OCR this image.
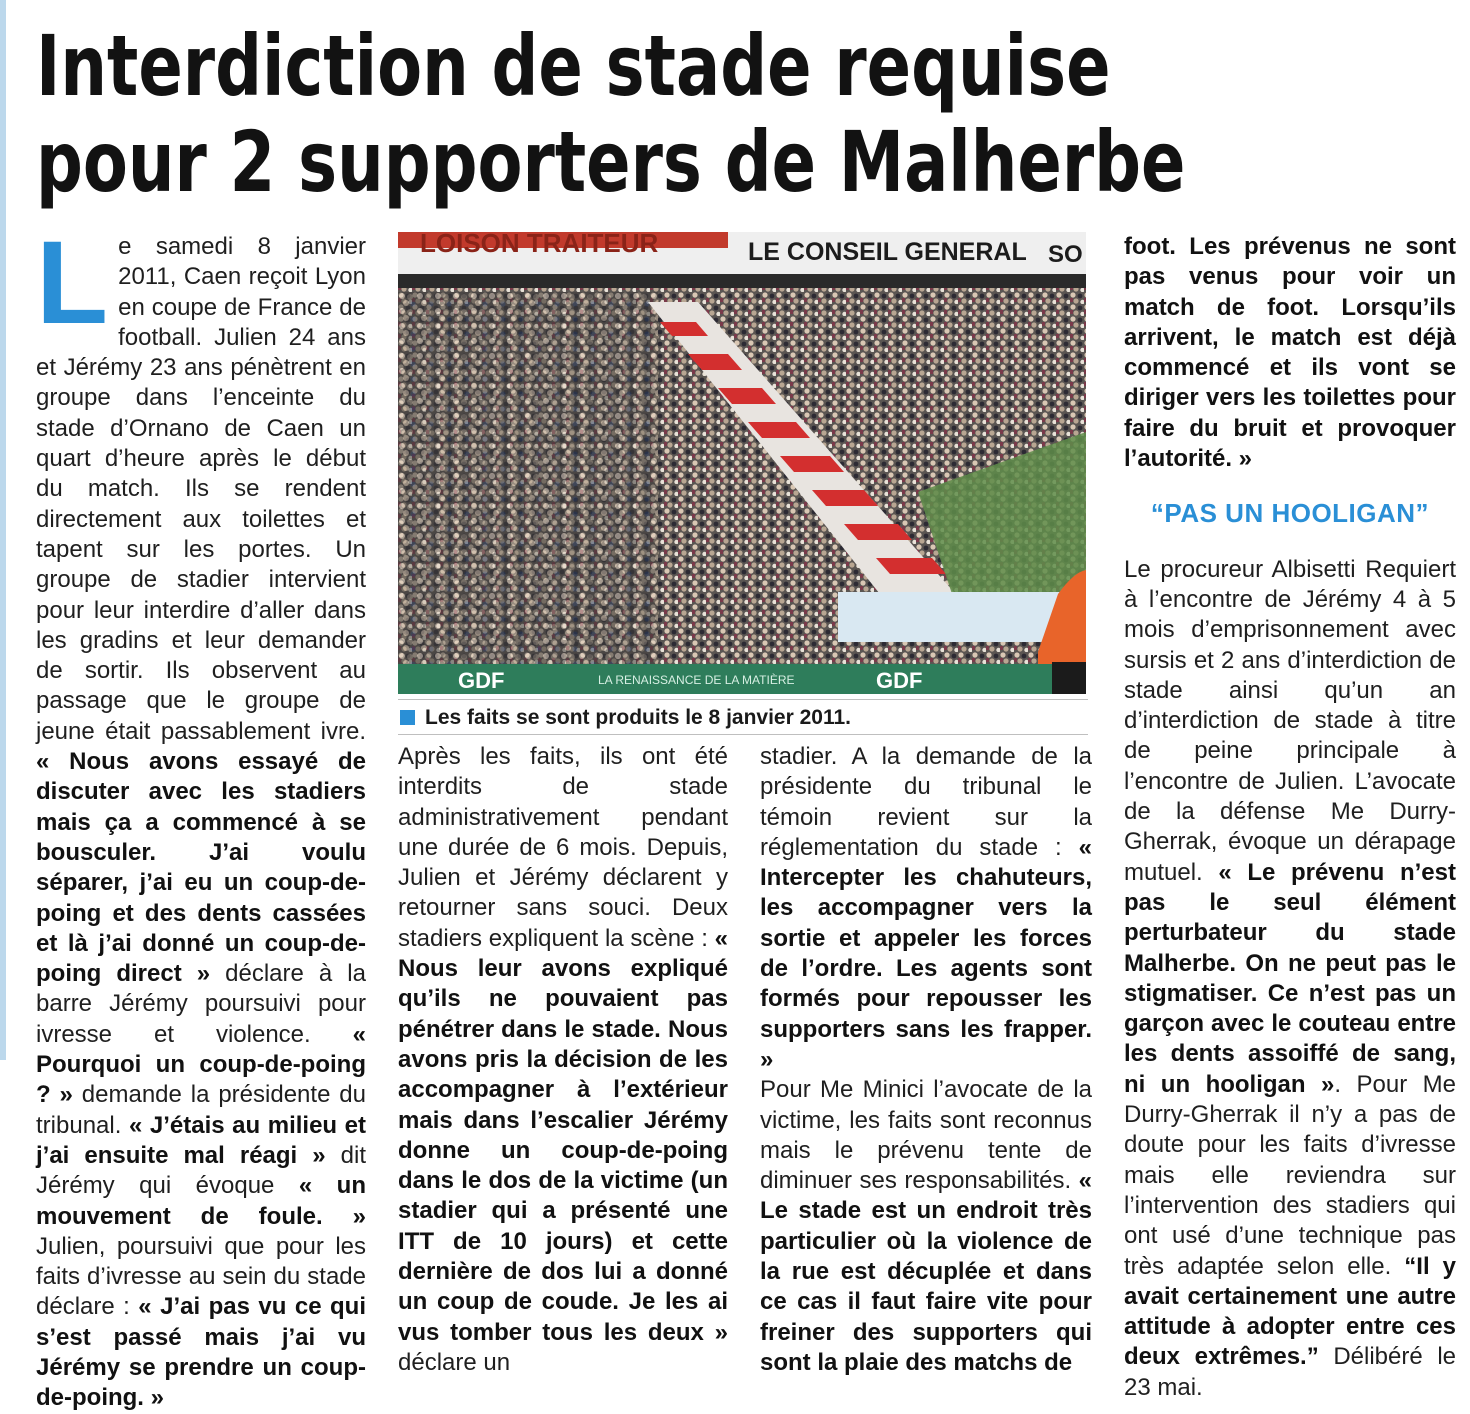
Interdiction de stade requise
pour 2 supporters de Malherbe

Le samedi 8 janvier 2011, Caen reçoit Lyon en coupe de France de football. Julien 24 ans et Jérémy 23 ans pénètrent en groupe dans l’enceinte du stade d’Ornano de Caen un quart d’heure après le début du match. Ils se rendent directement aux toilettes et tapent sur les portes. Un groupe de stadier intervient pour leur interdire d’aller dans les gradins et leur demander de sortir. Ils observent au passage que le groupe de jeune était passablement ivre. « Nous avons essayé de discuter avec les stadiers mais ça a commencé à se bousculer. J’ai voulu séparer, j’ai eu un coup-de-poing et des dents cassées et là j’ai donné un coup-de-poing direct » déclare à la barre Jérémy poursuivi pour ivresse et violence. « Pourquoi un coup-de-poing ? » demande la présidente du tribunal. « J’étais au milieu et j’ai ensuite mal réagi » dit Jérémy qui évoque « un mouvement de foule. » Julien, poursuivi que pour les faits d’ivresse au sein du stade déclare : « J’ai pas vu ce qui s’est passé mais j’ai vu Jérémy se prendre un coup-de-poing. »

LOISON TRAITEUR	LE CONSEIL GENERAL SO
GDF	LA RENAISSANCE DE LA MATIÈRE	GDF
Les faits se sont produits le 8 janvier 2011.

Après les faits, ils ont été interdits de stade administrativement pendant une durée de 6 mois. Depuis, Julien et Jérémy déclarent y retourner sans souci. Deux stadiers expliquent la scène : « Nous leur avons expliqué qu’ils ne pouvaient pas pénétrer dans le stade. Nous avons pris la décision de les accompagner à l’extérieur mais dans l’escalier Jérémy donne un coup-de-poing dans le dos de la victime (un stadier qui a présenté une ITT de 10 jours) et cette dernière de dos lui a donné un coup de coude. Je les ai vus tomber tous les deux » déclare un

stadier. A la demande de la présidente du tribunal le témoin revient sur la réglementation du stade : « Intercepter les chahuteurs, les accompagner vers la sortie et appeler les forces de l’ordre. Les agents sont formés pour repousser les supporters sans les frapper. »

Pour Me Minici l’avocate de la victime, les faits sont reconnus mais le prévenu tente de diminuer ses responsabilités. « Le stade est un endroit très particulier où la violence de la rue est décuplée et dans ce cas il faut faire vite pour freiner des supporters qui sont la plaie des matchs de

foot. Les prévenus ne sont pas venus pour voir un match de foot. Lorsqu’ils arrivent, le match est déjà commencé et ils vont se diriger vers les toilettes pour faire du bruit et provoquer l’autorité. »

“PAS UN HOOLIGAN”

Le procureur Albisetti Requiert à l’encontre de Jérémy 4 à 5 mois d’emprisonnement avec sursis et 2 ans d’interdiction de stade ainsi qu’un an d’interdiction de stade à titre de peine principale à l’encontre de Julien. L’avocate de la défense Me Durry-Gherrak, évoque un dérapage mutuel. « Le prévenu n’est pas le seul élément perturbateur du stade Malherbe. On ne peut pas le stigmatiser. Ce n’est pas un garçon avec le couteau entre les dents assoiffé de sang, ni un hooligan ». Pour Me Durry-Gherrak il n’y a pas de doute pour les faits d’ivresse mais elle reviendra sur l’intervention des stadiers qui ont usé d’une technique pas très adaptée selon elle. “Il y avait certainement une autre attitude à adopter entre ces deux extrêmes.” Délibéré le 23 mai.
